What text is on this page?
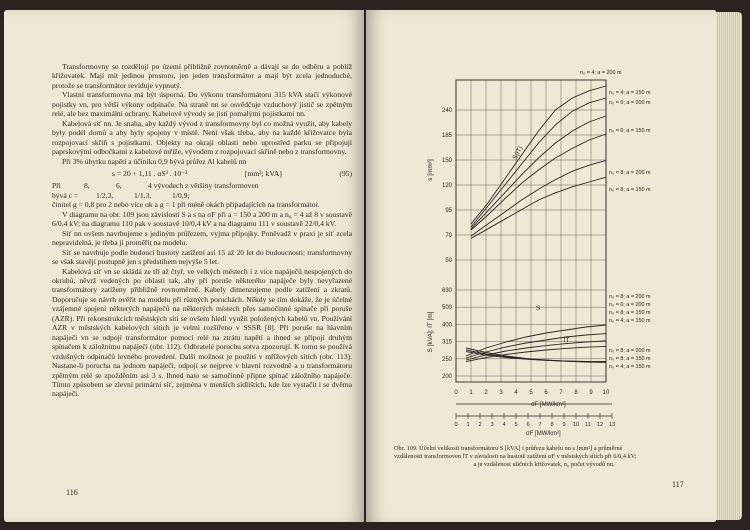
Transformovny se rozdělují po území přibližně rovnoměrně a dávají se do odběru a poblíž křižovatek. Mají mít jedinou prostoru, jen jeden transformátor a mají být zcela jednoduché, protože se transformátor reviduje vypnutý.

Vlastní transformovna má být úsporná. Do výkonu transformátoru 315 kVA stačí výkonové pojistky vn, pro větší výkony odpínače. Na straně nn se osvědčuje vzduchový jistič se zpětným relé, ale bez maximální ochrany. Kabelové vývody se jistí pomalými pojistkami nn.

Kabelová síť nn. Je snaha, aby každý vývod z transformovny byl co možná využit, aby kabely byly podél domů a aby byly spojeny v místě. Není však třeba, aby na každé křižovatce byla rozpojovací skříň s pojistkami. Objekty na okraji oblasti nebo uprostřed parku se připojují paprskovými odbočkami z kabelové mříže, vývodem z rozpojovací skříně nebo z transformovny.

Při 3% úbytku napětí a účiníku 0,9 bývá průřez Al kabelů nn

s = 20 + 1,11 . αS³ . 10⁻³	[mm²; kVA]	(95)
Při	8,	6,	4 vývodech z většiny transformoven
bývá c =	1/2,3,	1/1,3,	1/0,9;

činitel g = 0,8 pro 2 nebo více ok a g = 1 při méně okách připadajících na transformátor.

V diagramu na obr. 109 jsou závislosti S a s na σF při a = 150 a 200 m a n₀ = 4 až 8 v soustavě 6/0,4 kV; na diagramu 110 pak v soustavě 10/0,4 kV a na diagramu 111 v soustavě 22/0,4 kV.

Síť nn ovšem navrhujeme s jediným průřezem, vyjma přípojky. Poněvadž v praxi je síť zcela nepravidelná, je třeba ji proměřit na modelu.

Síť se navrhuje podle budoucí hustoty zatížení asi 15 až 20 let do budoucnosti; transformovny se však stavějí postupně jen s předstihem nejvýše 5 let.

Kabelová síť vn se skládá ze tří až čtyř, ve velkých městech i z více napáječů nespojených do okruhů, něvrž vedených po oblasti tak, aby při poruše některého napáječe byly nevyřazené transformátory zatíženy přibližně rovnoměrně. Kabely dimenzujeme podle zatížení a zkratů. Doporučuje se návrh ověřit na modelu při různých poruchách. Někdy se tím dokáže, že je účelné vzájemné spojení některých napáječů na některých místech přes samočinné spínače při poruše (AZR). Při rekonstrukcích městských sítí se ovšem hledí využít položených kabelů vn. Používání AZR v městských kabelových sítích je velmi rozšířeno v SSSR [8]. Při poruše na hlavním napáječi vn se odpojí transformátor pomocí relé na ztrátu napětí a ihned se připojí druhým spínačem k záložnímu napáječi (obr. 112). Odbratelé poruchu sotva zpozorují. K tomu se používá vzdušných odpínačů levného provedení. Další možnost je použití v mřížových sítích (obr. 113). Nastane-li porucha na jednom napáječi, odpojí se nejprve v hlavní rozvodně a u transformátoru zpětným relé se zpožděním asi 3 s. Ihned nato se samočinně připne spínač záložního napáječe. Tímto způsobem se zlevní primární síť, zejména v menších sídlištích, kde lze vystačit i se dvěma napáječi.

116
240
185
150
120
95
70
50
630
500
400
315
250
200
s [mm²]
S [kVA]; lT [m]
S(lT)
n₀ = 4; a = 200 m
n₀ = 4; a = 150 m
n₀ = 6; a = 200 m
n₀ = 6; a = 150 m
n₀ = 8; a = 200 m
n₀ = 8; a = 150 m
S
lT
n₀ = 8; a = 200 m
n₀ = 6; a = 200 m
n₀ = 8; a = 150 m
n₀ = 4; a = 150 m
n₀ = 8; a = 200 m
n₀ = 8; a = 150 m
n₀ = 4; a = 150 m
0 1 2 3 4 5 6 7 8 9 10
σF [MW/km²]
0 1 2 3 4 5 6 7 8 9 10 11 12 13
σF [MW/km²]
Obr. 109. Účelní velikosti transformátoru S [kVA] i průřezu kabelu nn s [mm²] a průměrné
vzdálenosti transformoven lT v závislosti na hustotě zatížení σF v městských sítích při 6/0,4 kV;
a je vzdálenost uličních křižovatek, n₀ počet vývodů nn.
117
